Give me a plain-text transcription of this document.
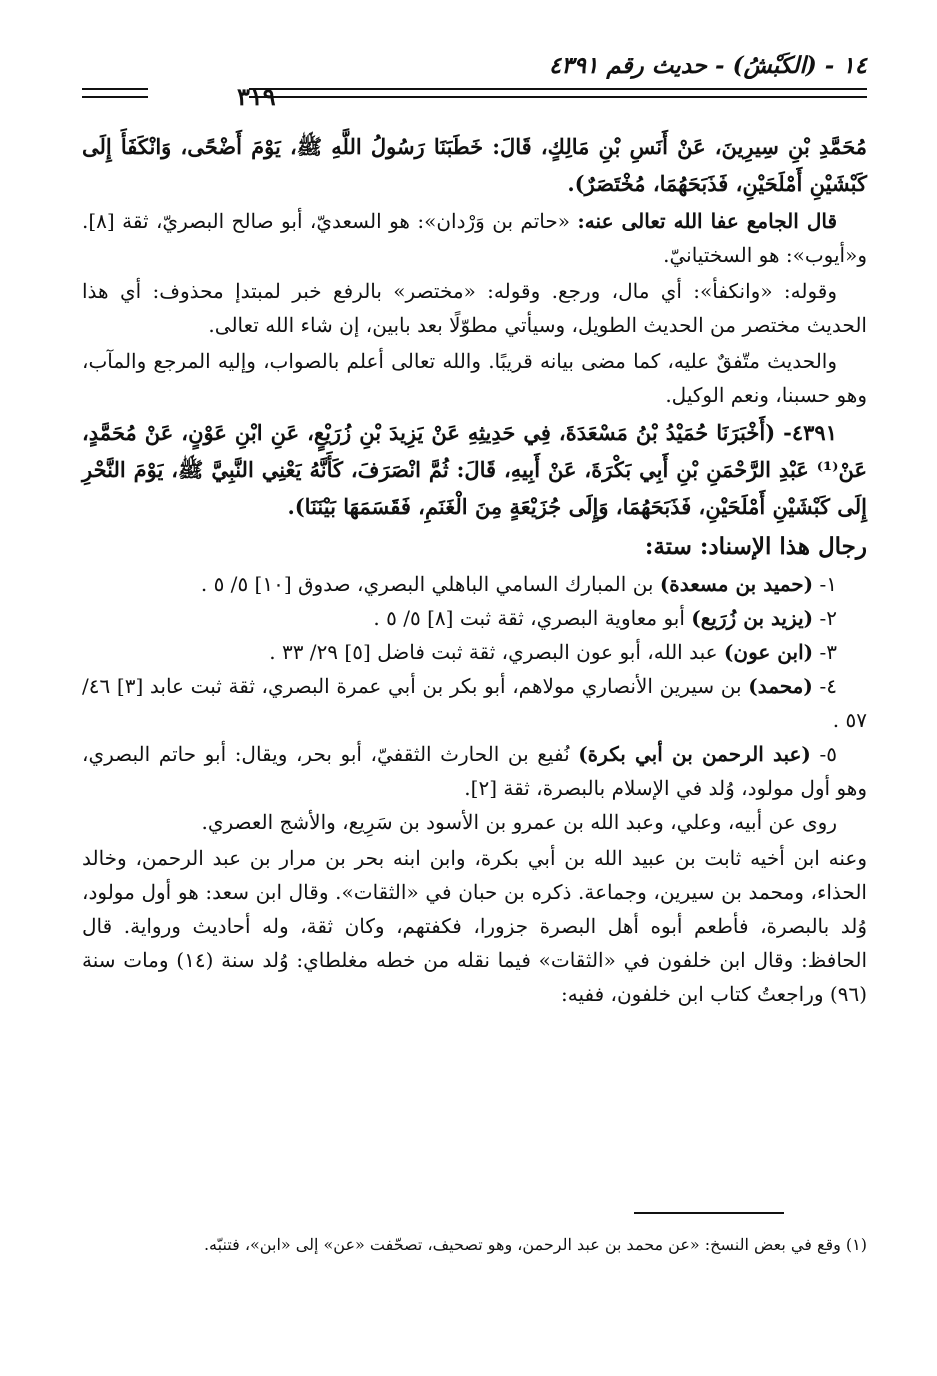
١٤ - (الكَبْشُ) - حديث رقم ٤٣٩١
٣١٩

مُحَمَّدِ بْنِ سِيرِينَ، عَنْ أَنَسِ بْنِ مَالِكٍ، قَالَ: خَطَبَنَا رَسُولُ اللَّهِ ﷺ، يَوْمَ أَضْحًى، وَانْكَفَأَ إِلَى كَبْشَيْنِ أَمْلَحَيْنِ، فَذَبَحَهُمَا، مُخْتَصَرٌ).

قال الجامع عفا الله تعالى عنه: «حاتم بن وَرْدان»: هو السعديّ، أبو صالح البصريّ، ثقة [٨]. و«أيوب»: هو السختيانيّ.

وقوله: «وانكفأ»: أي مال، ورجع. وقوله: «مختصر» بالرفع خبر لمبتدإ محذوف: أي هذا الحديث مختصر من الحديث الطويل، وسيأتي مطوّلًا بعد بابين، إن شاء الله تعالى.

والحديث متّفقٌ عليه، كما مضى بيانه قريبًا. والله تعالى أعلم بالصواب، وإليه المرجع والمآب، وهو حسبنا، ونعم الوكيل.

٤٣٩١- (أَخْبَرَنَا حُمَيْدُ بْنُ مَسْعَدَةَ، فِي حَدِيثِهِ عَنْ يَزِيدَ بْنِ زُرَيْعٍ، عَنِ ابْنِ عَوْنٍ، عَنْ مُحَمَّدٍ، عَنْ⁽¹⁾ عَبْدِ الرَّحْمَنِ بْنِ أَبِي بَكْرَةَ، عَنْ أَبِيهِ، قَالَ: ثُمَّ انْصَرَفَ، كَأَنَّهُ يَعْنِي النَّبِيَّ ﷺ، يَوْمَ النَّحْرِ إِلَى كَبْشَيْنِ أَمْلَحَيْنِ، فَذَبَحَهُمَا، وَإِلَى جُزَيْعَةٍ مِنَ الْغَنَمِ، فَقَسَمَهَا بَيْنَنَا).

رجال هذا الإسناد: ستة:

١- (حميد بن مسعدة) بن المبارك السامي الباهلي البصري، صدوق [١٠] ٥/ ٥ .

٢- (يزيد بن زُرَيع) أبو معاوية البصري، ثقة ثبت [٨] ٥/ ٥ .

٣- (ابن عون) عبد الله، أبو عون البصري، ثقة ثبت فاضل [٥] ٢٩/ ٣٣ .

٤- (محمد) بن سيرين الأنصاري مولاهم، أبو بكر بن أبي عمرة البصري، ثقة ثبت عابد [٣] ٤٦/ ٥٧ .

٥- (عبد الرحمن بن أبي بكرة) نُفيع بن الحارث الثقفيّ، أبو بحر، ويقال: أبو حاتم البصري، وهو أول مولود، وُلد في الإسلام بالبصرة، ثقة [٢].

روى عن أبيه، وعلي، وعبد الله بن عمرو بن الأسود بن سَرِيع، والأشج العصري.

وعنه ابن أخيه ثابت بن عبيد الله بن أبي بكرة، وابن ابنه بحر بن مرار بن عبد الرحمن، وخالد الحذاء، ومحمد بن سيرين، وجماعة. ذكره بن حبان في «الثقات». وقال ابن سعد: هو أول مولود، وُلد بالبصرة، فأطعم أبوه أهل البصرة جزورا، فكفتهم، وكان ثقة، وله أحاديث ورواية. قال الحافظ: وقال ابن خلفون في «الثقات» فيما نقله من خطه مغلطاي: وُلد سنة (١٤) ومات سنة (٩٦) وراجعتُ كتاب ابن خلفون، ففيه:

(١) وقع في بعض النسخ: «عن محمد بن عبد الرحمن، وهو تصحيف، تصحّفت «عن» إلى «ابن»، فتنبّه.
